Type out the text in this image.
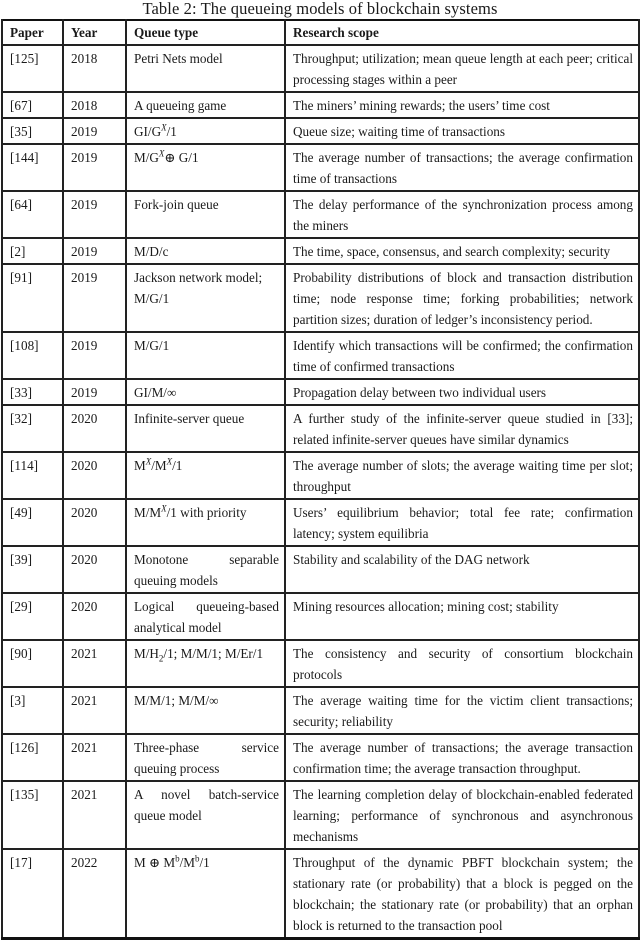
Table 2: The queueing models of blockchain systems
Paper	Year	Queue type	Research scope
[125]	2018	Petri Nets model	Throughput; utilization; mean queue length at each peer; critical processing stages within a peer
[67]	2018	A queueing game	The miners’ mining rewards; the users’ time cost
[35]	2019	$GI/G^X/1$	Queue size; waiting time of transactions
[144]	2019	$M/G^X\oplus$ G/1	The average number of transactions; the average confirmation time of transactions
[64]	2019	Fork-join queue	The delay performance of the synchronization process among the miners
[2]	2019	M/D/c	The time, space, consensus, and search complexity; security
[91]	2019	Jackson network model; M/G/1	Probability distributions of block and transaction distribution time; node response time; forking probabilities; network partition sizes; duration of ledger’s inconsistency period.
[108]	2019	M/G/1	Identify which transactions will be confirmed; the confirmation time of confirmed transactions
[33]	2019	GI/M/∞	Propagation delay between two individual users
[32]	2020	Infinite-server queue	A further study of the infinite-server queue studied in [33]; related infinite-server queues have similar dynamics
[114]	2020	$M^X/M^X/1$	The average number of slots; the average waiting time per slot; throughput
[49]	2020	$M/M^X/1$ with priority	Users’ equilibrium behavior; total fee rate; confirmation latency; system equilibria
[39]	2020	Monotone separable queuing models	Stability and scalability of the DAG network
[29]	2020	Logical queueing-based analytical model	Mining resources allocation; mining cost; stability
[90]	2021	$M/H_2/1$; M/M/1; M/Er/1	The consistency and security of consortium blockchain protocols
[3]	2021	M/M/1; M/M/∞	The average waiting time for the victim client transactions; security; reliability
[126]	2021	Three-phase service queuing process	The average number of transactions; the average transaction confirmation time; the average transaction throughput.
[135]	2021	A novel batch-service queue model	The learning completion delay of blockchain-enabled federated learning; performance of synchronous and asynchronous mechanisms
[17]	2022	M ⊕ $M^b/M^b/1$	Throughput of the dynamic PBFT blockchain system; the stationary rate (or probability) that a block is pegged on the blockchain; the stationary rate (or probability) that an orphan block is returned to the transaction pool
